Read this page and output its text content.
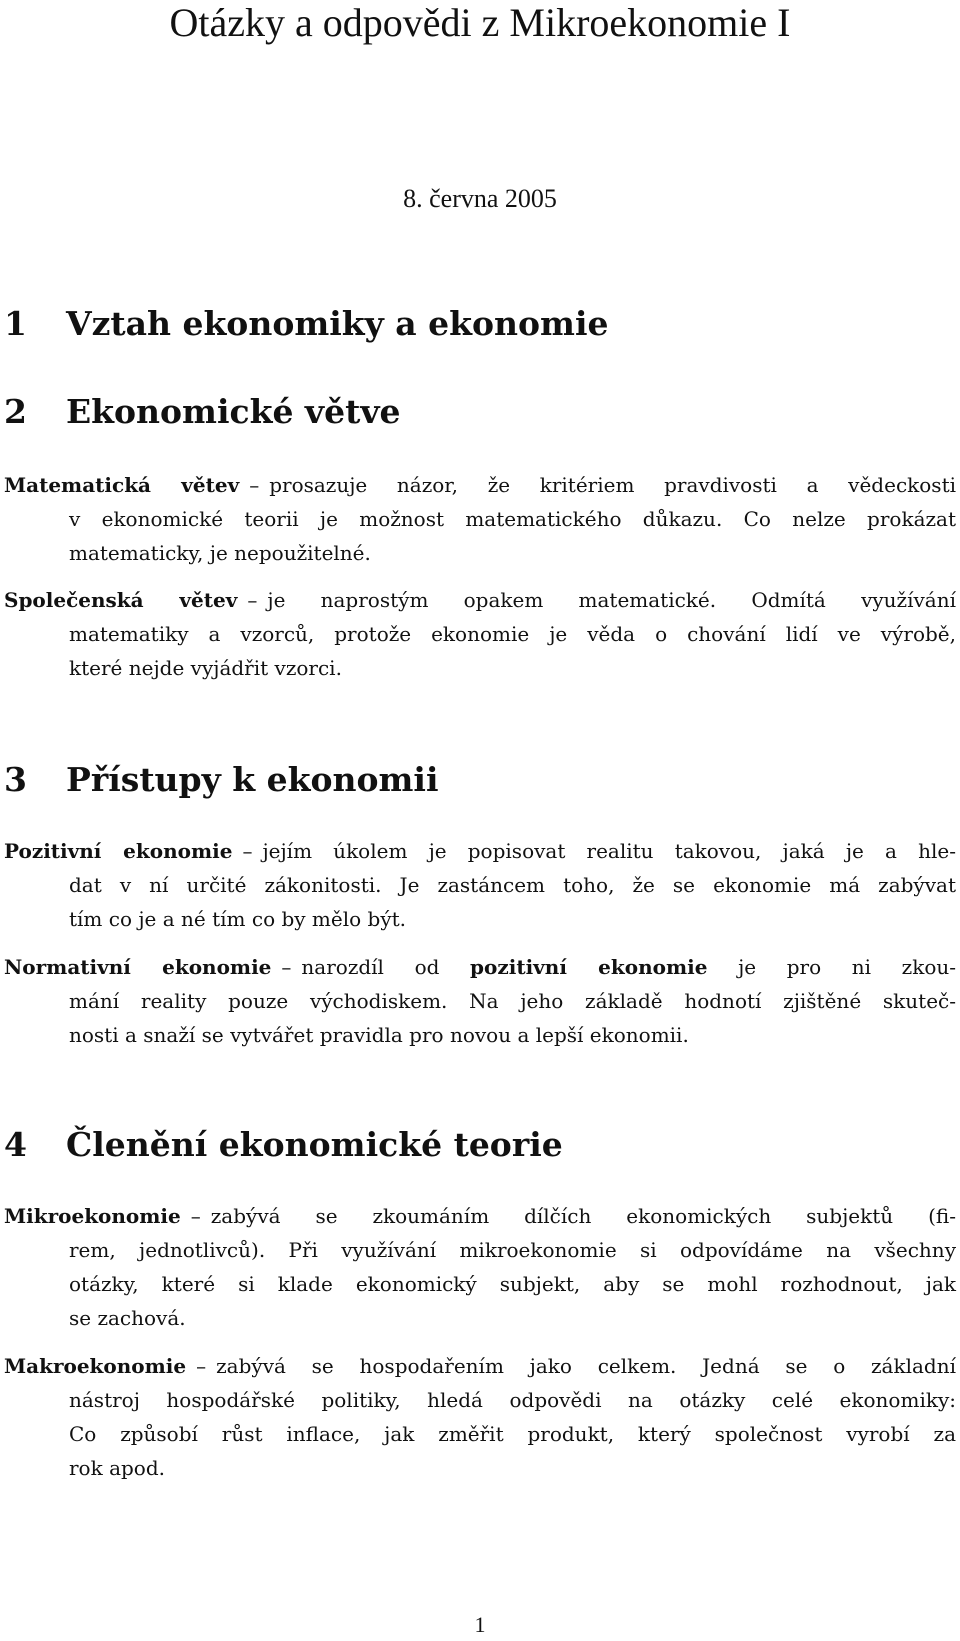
Otázky a odpovědi z Mikroekonomie I
8. června 2005
1 Vztah ekonomiky a ekonomie
2 Ekonomické větve
Matematická větev – prosazuje názor, že kritériem pravdivosti a vědeckosti
v ekonomické teorii je možnost matematického důkazu. Co nelze prokázat
matematicky, je nepoužitelné.
Společenská větev – je naprostým opakem matematické. Odmítá využívání
matematiky a vzorců, protože ekonomie je věda o chování lidí ve výrobě,
které nejde vyjádřit vzorci.
3 Přístupy k ekonomii
Pozitivní ekonomie – jejím úkolem je popisovat realitu takovou, jaká je a hle-
dat v ní určité zákonitosti. Je zastáncem toho, že se ekonomie má zabývat
tím co je a né tím co by mělo být.
Normativní ekonomie – narozdíl od pozitivní ekonomie je pro ni zkou-
mání reality pouze východiskem. Na jeho základě hodnotí zjištěné skuteč-
nosti a snaží se vytvářet pravidla pro novou a lepší ekonomii.
4 Členění ekonomické teorie
Mikroekonomie – zabývá se zkoumáním dílčích ekonomických subjektů (fi-
rem, jednotlivců). Při využívání mikroekonomie si odpovídáme na všechny
otázky, které si klade ekonomický subjekt, aby se mohl rozhodnout, jak
se zachová.
Makroekonomie – zabývá se hospodařením jako celkem. Jedná se o základní
nástroj hospodářské politiky, hledá odpovědi na otázky celé ekonomiky:
Co způsobí růst inflace, jak změřit produkt, který společnost vyrobí za
rok apod.
1
